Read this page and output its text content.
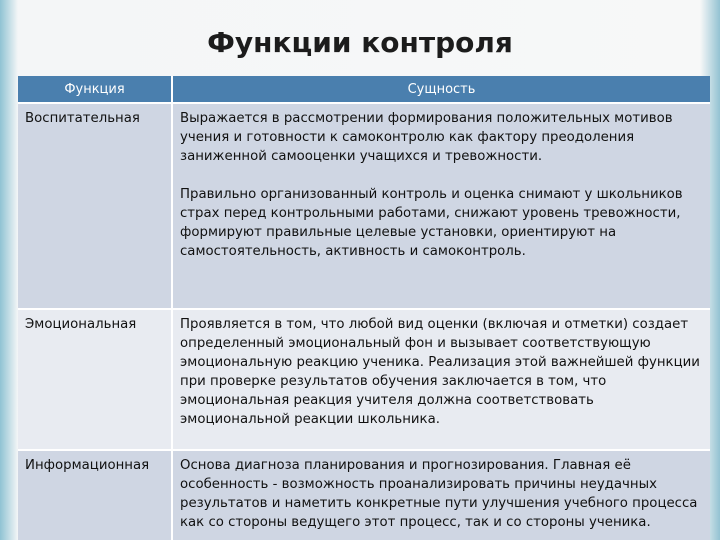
Функции контроля
Функция	Сущность
Воспитательная	Выражается в рассмотрении формирования положительных мотивов учения и готовности к самоконтролю как фактору преодоления заниженной самооценки учащихся и тревожности.

Правильно организованный контроль и оценка снимают у школьников страх перед контрольными работами, снижают уровень тревожности, формируют правильные целевые установки, ориентируют на самостоятельность, активность и самоконтроль.

Эмоциональная	Проявляется в том, что любой вид оценки (включая и отметки) создает определенный эмоциональный фон и вызывает соответствующую эмоциональную реакцию ученика. Реализация этой важнейшей функции при проверке результатов обучения заключается в том, что эмоциональная реакция учителя должна соответствовать эмоциональной реакции школьника.

Информационная	Основа диагноза планирования и прогнозирования. Главная её особенность - возможность проанализировать причины неудачных результатов и наметить конкретные пути улучшения учебного процесса как со стороны ведущего этот процесс, так и со стороны ученика.
